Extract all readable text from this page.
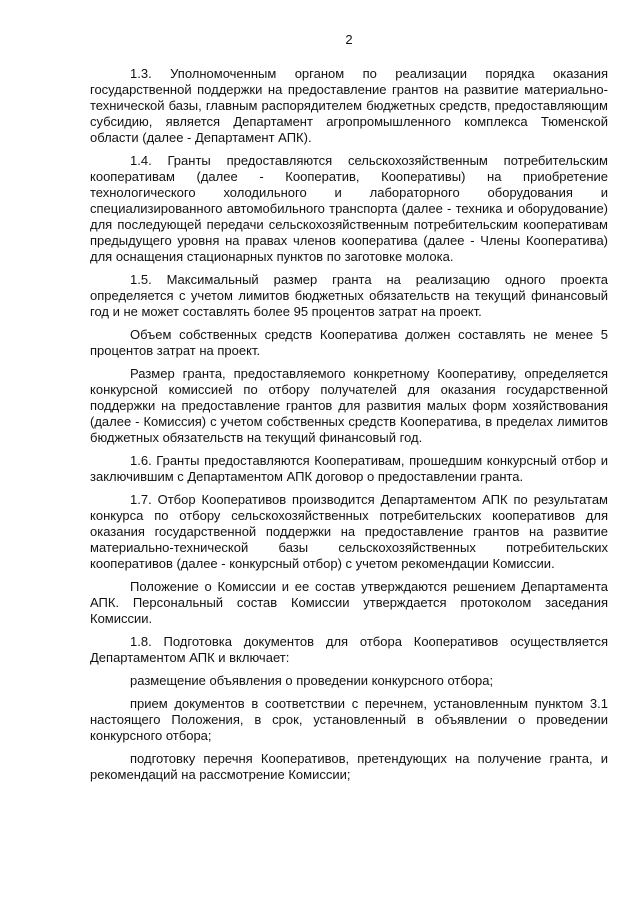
2

1.3. Уполномоченным органом по реализации порядка оказания государственной поддержки на предоставление грантов на развитие материально-технической базы, главным распорядителем бюджетных средств, предоставляющим субсидию, является Департамент агропромышленного комплекса Тюменской области (далее - Департамент АПК).

1.4. Гранты предоставляются сельскохозяйственным потребительским кооперативам (далее - Кооператив, Кооперативы) на приобретение технологического холодильного и лабораторного оборудования и специализированного автомобильного транспорта (далее - техника и оборудование) для последующей передачи сельскохозяйственным потребительским кооперативам предыдущего уровня на правах членов кооператива (далее - Члены Кооператива) для оснащения стационарных пунктов по заготовке молока.

1.5. Максимальный размер гранта на реализацию одного проекта определяется с учетом лимитов бюджетных обязательств на текущий финансовый год и не может составлять более 95 процентов затрат на проект.

Объем собственных средств Кооператива должен составлять не менее 5 процентов затрат на проект.

Размер гранта, предоставляемого конкретному Кооперативу, определяется конкурсной комиссией по отбору получателей для оказания государственной поддержки на предоставление грантов для развития малых форм хозяйствования (далее - Комиссия) с учетом собственных средств Кооператива, в пределах лимитов бюджетных обязательств на текущий финансовый год.

1.6. Гранты предоставляются Кооперативам, прошедшим конкурсный отбор и заключившим с Департаментом АПК договор о предоставлении гранта.

1.7. Отбор Кооперативов производится Департаментом АПК по результатам конкурса по отбору сельскохозяйственных потребительских кооперативов для оказания государственной поддержки на предоставление грантов на развитие материально-технической базы сельскохозяйственных потребительских кооперативов (далее - конкурсный отбор) с учетом рекомендации Комиссии.

Положение о Комиссии и ее состав утверждаются решением Департамента АПК. Персональный состав Комиссии утверждается протоколом заседания Комиссии.

1.8. Подготовка документов для отбора Кооперативов осуществляется Департаментом АПК и включает:

размещение объявления о проведении конкурсного отбора;

прием документов в соответствии с перечнем, установленным пунктом 3.1 настоящего Положения, в срок, установленный в объявлении о проведении конкурсного отбора;

подготовку перечня Кооперативов, претендующих на получение гранта, и рекомендаций на рассмотрение Комиссии;
